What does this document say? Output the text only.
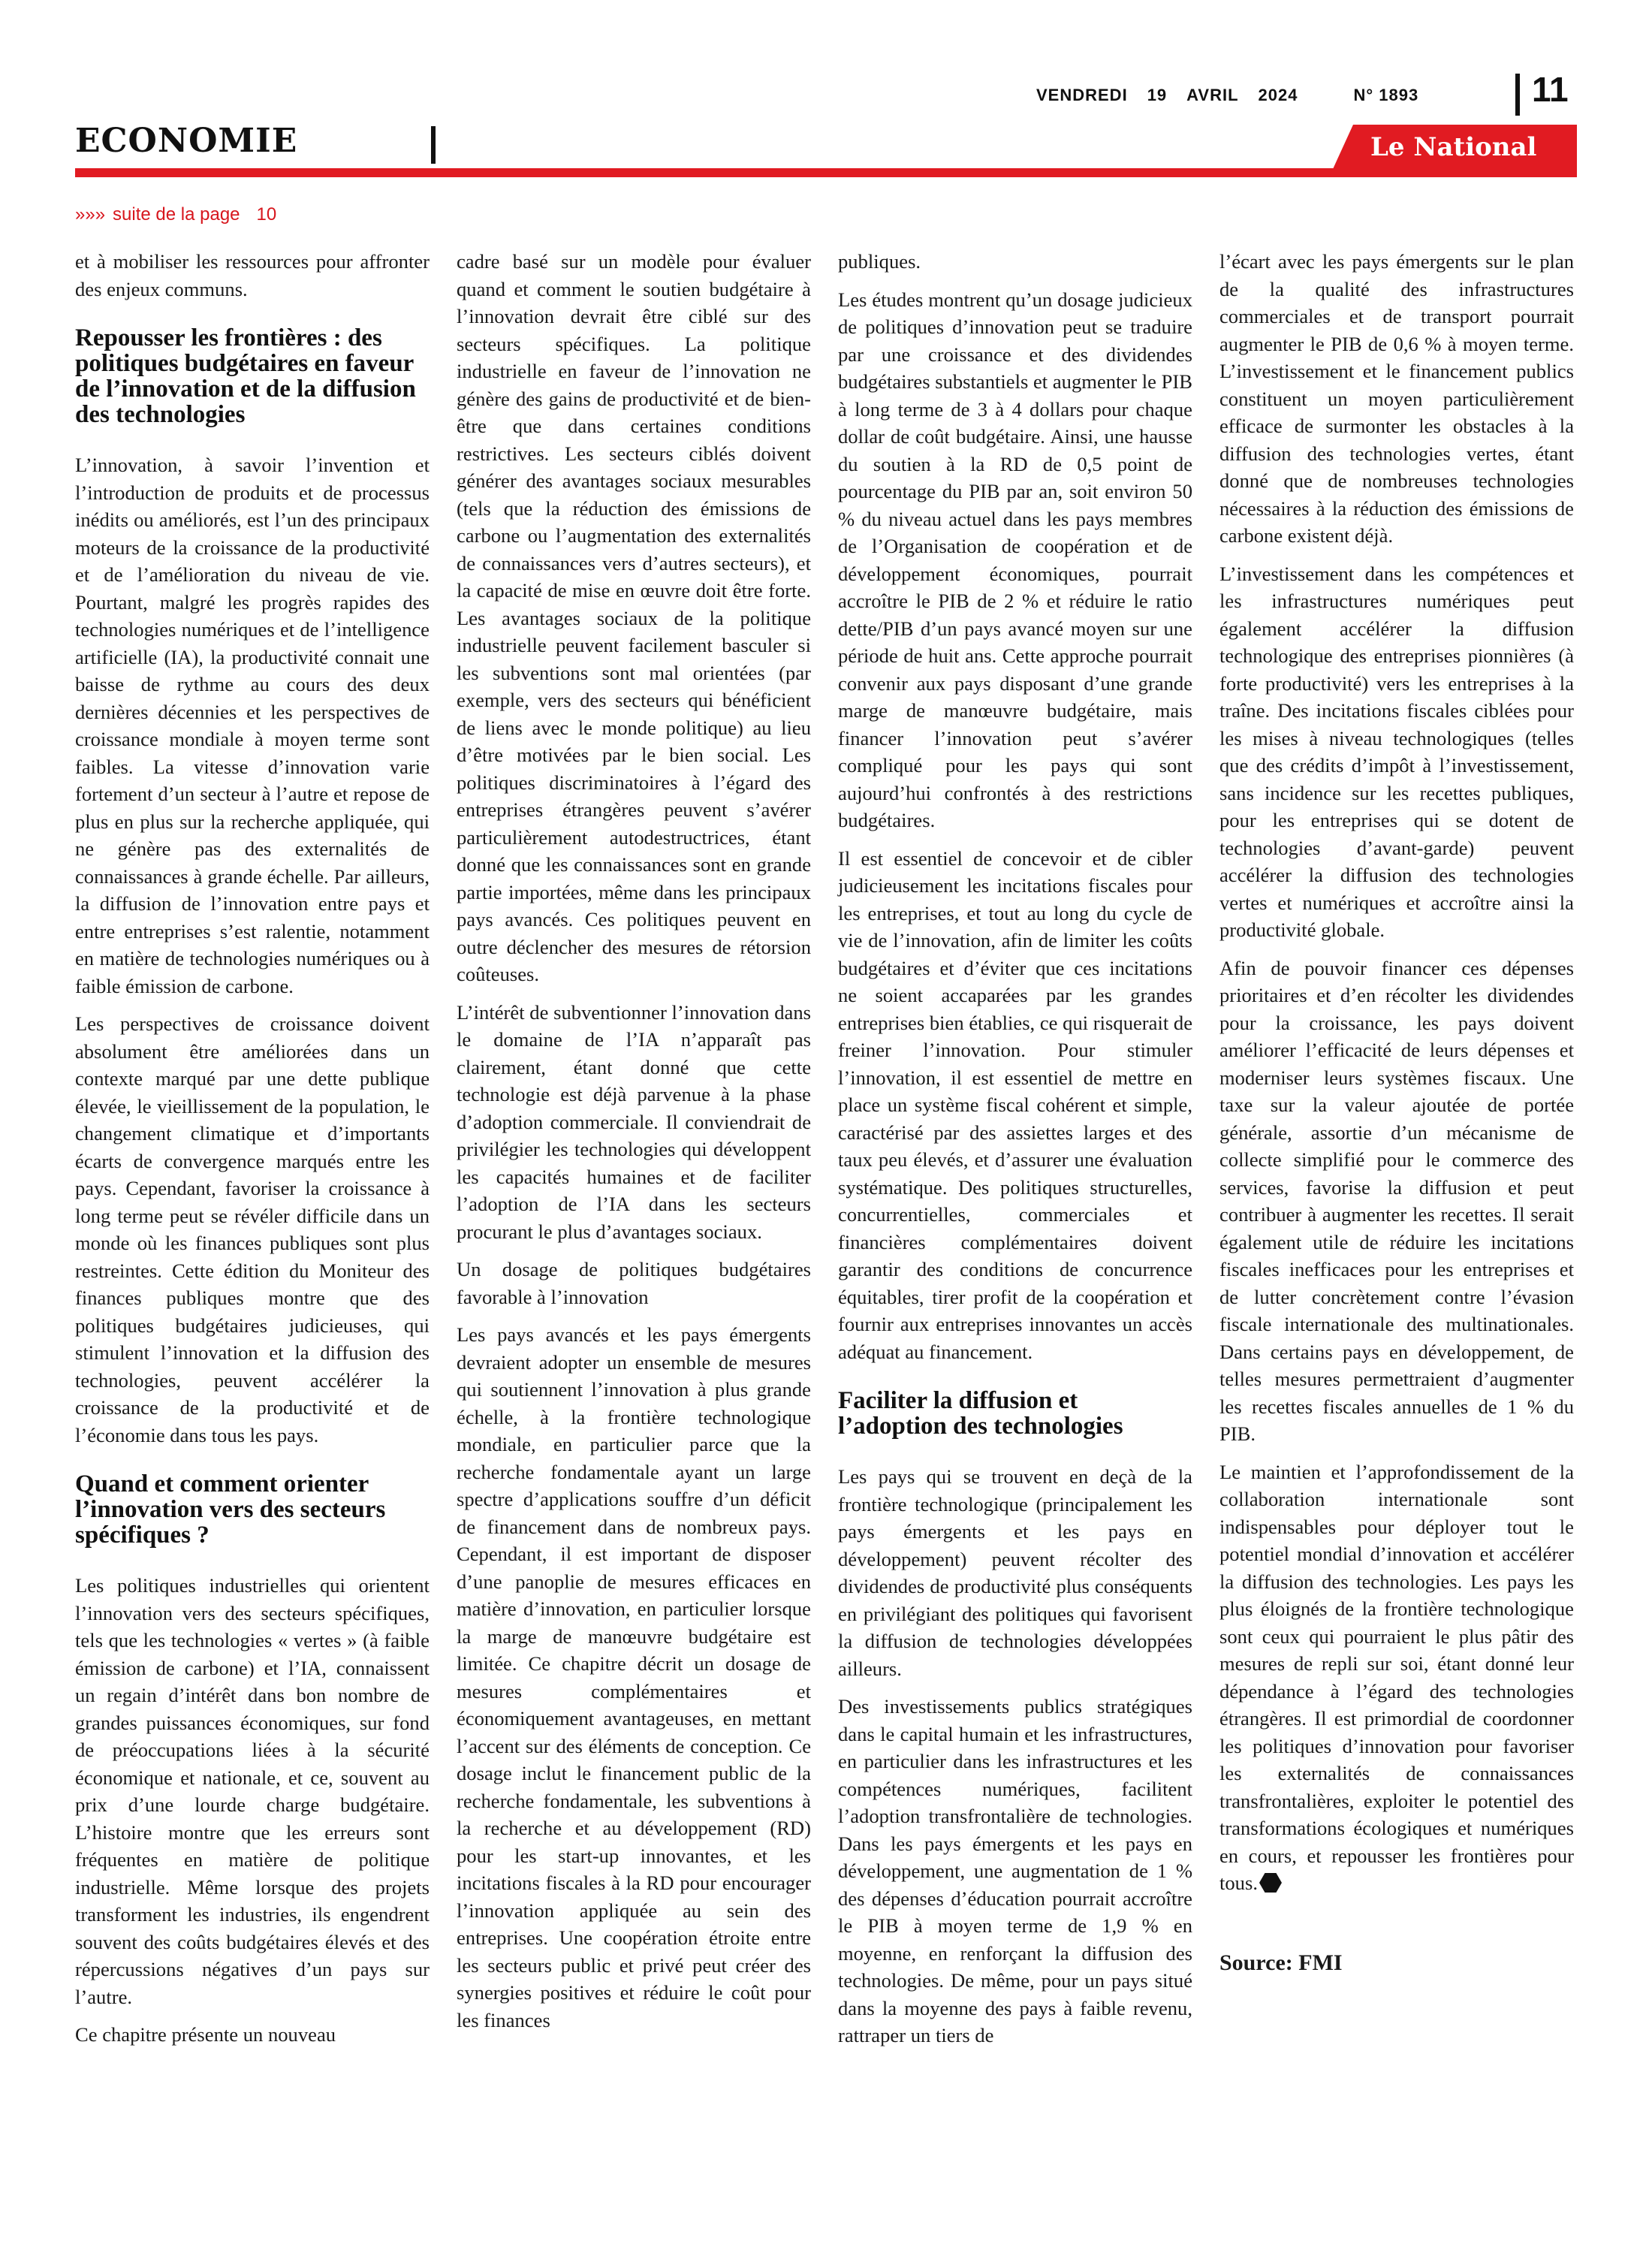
VENDREDI 19 AVRIL 2024	N° 1893	11
ECONOMIE	Le National
»»» suite de la page 10

et à mobiliser les ressources pour affronter des enjeux communs.

Repousser les frontières : des politiques budgétaires en faveur de l’innovation et de la diffusion des technologies

L’innovation, à savoir l’invention et l’introduction de produits et de processus inédits ou améliorés, est l’un des principaux moteurs de la croissance de la productivité et de l’amélioration du niveau de vie. Pourtant, malgré les progrès rapides des technologies numériques et de l’intelligence artificielle (IA), la productivité connait une baisse de rythme au cours des deux dernières décennies et les perspectives de croissance mondiale à moyen terme sont faibles. La vitesse d’innovation varie fortement d’un secteur à l’autre et repose de plus en plus sur la recherche appliquée, qui ne génère pas des externalités de connaissances à grande échelle. Par ailleurs, la diffusion de l’innovation entre pays et entre entreprises s’est ralentie, notamment en matière de technologies numériques ou à faible émission de carbone.

Les perspectives de croissance doivent absolument être améliorées dans un contexte marqué par une dette publique élevée, le vieillissement de la population, le changement climatique et d’importants écarts de convergence marqués entre les pays. Cependant, favoriser la croissance à long terme peut se révéler difficile dans un monde où les finances publiques sont plus restreintes. Cette édition du Moniteur des finances publiques montre que des politiques budgétaires judicieuses, qui stimulent l’innovation et la diffusion des technologies, peuvent accélérer la croissance de la productivité et de l’économie dans tous les pays.

Quand et comment orienter l’innovation vers des secteurs spécifiques ?

Les politiques industrielles qui orientent l’innovation vers des secteurs spécifiques, tels que les technologies « vertes » (à faible émission de carbone) et l’IA, connaissent un regain d’intérêt dans bon nombre de grandes puissances économiques, sur fond de préoccupations liées à la sécurité économique et nationale, et ce, souvent au prix d’une lourde charge budgétaire. L’histoire montre que les erreurs sont fréquentes en matière de politique industrielle. Même lorsque des projets transforment les industries, ils engendrent souvent des coûts budgétaires élevés et des répercussions négatives d’un pays sur l’autre.

Ce chapitre présente un nouveau

cadre basé sur un modèle pour évaluer quand et comment le soutien budgétaire à l’innovation devrait être ciblé sur des secteurs spécifiques. La politique industrielle en faveur de l’innovation ne génère des gains de productivité et de bien-être que dans certaines conditions restrictives. Les secteurs ciblés doivent générer des avantages sociaux mesurables (tels que la réduction des émissions de carbone ou l’augmentation des externalités de connaissances vers d’autres secteurs), et la capacité de mise en œuvre doit être forte. Les avantages sociaux de la politique industrielle peuvent facilement basculer si les subventions sont mal orientées (par exemple, vers des secteurs qui bénéficient de liens avec le monde politique) au lieu d’être motivées par le bien social. Les politiques discriminatoires à l’égard des entreprises étrangères peuvent s’avérer particulièrement autodestructrices, étant donné que les connaissances sont en grande partie importées, même dans les principaux pays avancés. Ces politiques peuvent en outre déclencher des mesures de rétorsion coûteuses.

L’intérêt de subventionner l’innovation dans le domaine de l’IA n’apparaît pas clairement, étant donné que cette technologie est déjà parvenue à la phase d’adoption commerciale. Il conviendrait de privilégier les technologies qui développent les capacités humaines et de faciliter l’adoption de l’IA dans les secteurs procurant le plus d’avantages sociaux.

Un dosage de politiques budgétaires favorable à l’innovation

Les pays avancés et les pays émergents devraient adopter un ensemble de mesures qui soutiennent l’innovation à plus grande échelle, à la frontière technologique mondiale, en particulier parce que la recherche fondamentale ayant un large spectre d’applications souffre d’un déficit de financement dans de nombreux pays. Cependant, il est important de disposer d’une panoplie de mesures efficaces en matière d’innovation, en particulier lorsque la marge de manœuvre budgétaire est limitée. Ce chapitre décrit un dosage de mesures complémentaires et économiquement avantageuses, en mettant l’accent sur des éléments de conception. Ce dosage inclut le financement public de la recherche fondamentale, les subventions à la recherche et au développement (RD) pour les start-up innovantes, et les incitations fiscales à la RD pour encourager l’innovation appliquée au sein des entreprises. Une coopération étroite entre les secteurs public et privé peut créer des synergies positives et réduire le coût pour les finances

publiques.

Les études montrent qu’un dosage judicieux de politiques d’innovation peut se traduire par une croissance et des dividendes budgétaires substantiels et augmenter le PIB à long terme de 3 à 4 dollars pour chaque dollar de coût budgétaire. Ainsi, une hausse du soutien à la RD de 0,5 point de pourcentage du PIB par an, soit environ 50 % du niveau actuel dans les pays membres de l’Organisation de coopération et de développement économiques, pourrait accroître le PIB de 2 % et réduire le ratio dette/PIB d’un pays avancé moyen sur une période de huit ans. Cette approche pourrait convenir aux pays disposant d’une grande marge de manœuvre budgétaire, mais financer l’innovation peut s’avérer compliqué pour les pays qui sont aujourd’hui confrontés à des restrictions budgétaires.

Il est essentiel de concevoir et de cibler judicieusement les incitations fiscales pour les entreprises, et tout au long du cycle de vie de l’innovation, afin de limiter les coûts budgétaires et d’éviter que ces incitations ne soient accaparées par les grandes entreprises bien établies, ce qui risquerait de freiner l’innovation. Pour stimuler l’innovation, il est essentiel de mettre en place un système fiscal cohérent et simple, caractérisé par des assiettes larges et des taux peu élevés, et d’assurer une évaluation systématique. Des politiques structurelles, concurrentielles, commerciales et financières complémentaires doivent garantir des conditions de concurrence équitables, tirer profit de la coopération et fournir aux entreprises innovantes un accès adéquat au financement.

Faciliter la diffusion et l’adoption des technologies

Les pays qui se trouvent en deçà de la frontière technologique (principalement les pays émergents et les pays en développement) peuvent récolter des dividendes de productivité plus conséquents en privilégiant des politiques qui favorisent la diffusion de technologies développées ailleurs.

Des investissements publics stratégiques dans le capital humain et les infrastructures, en particulier dans les infrastructures et les compétences numériques, facilitent l’adoption transfrontalière de technologies. Dans les pays émergents et les pays en développement, une augmentation de 1 % des dépenses d’éducation pourrait accroître le PIB à moyen terme de 1,9 % en moyenne, en renforçant la diffusion des technologies. De même, pour un pays situé dans la moyenne des pays à faible revenu, rattraper un tiers de

l’écart avec les pays émergents sur le plan de la qualité des infrastructures commerciales et de transport pourrait augmenter le PIB de 0,6 % à moyen terme. L’investissement et le financement publics constituent un moyen particulièrement efficace de surmonter les obstacles à la diffusion des technologies vertes, étant donné que de nombreuses technologies nécessaires à la réduction des émissions de carbone existent déjà.

L’investissement dans les compétences et les infrastructures numériques peut également accélérer la diffusion technologique des entreprises pionnières (à forte productivité) vers les entreprises à la traîne. Des incitations fiscales ciblées pour les mises à niveau technologiques (telles que des crédits d’impôt à l’investissement, sans incidence sur les recettes publiques, pour les entreprises qui se dotent de technologies d’avant-garde) peuvent accélérer la diffusion des technologies vertes et numériques et accroître ainsi la productivité globale.

Afin de pouvoir financer ces dépenses prioritaires et d’en récolter les dividendes pour la croissance, les pays doivent améliorer l’efficacité de leurs dépenses et moderniser leurs systèmes fiscaux. Une taxe sur la valeur ajoutée de portée générale, assortie d’un mécanisme de collecte simplifié pour le commerce des services, favorise la diffusion et peut contribuer à augmenter les recettes. Il serait également utile de réduire les incitations fiscales inefficaces pour les entreprises et de lutter concrètement contre l’évasion fiscale internationale des multinationales. Dans certains pays en développement, de telles mesures permettraient d’augmenter les recettes fiscales annuelles de 1 % du PIB.

Le maintien et l’approfondissement de la collaboration internationale sont indispensables pour déployer tout le potentiel mondial d’innovation et accélérer la diffusion des technologies. Les pays les plus éloignés de la frontière technologique sont ceux qui pourraient le plus pâtir des mesures de repli sur soi, étant donné leur dépendance à l’égard des technologies étrangères. Il est primordial de coordonner les politiques d’innovation pour favoriser les externalités de connaissances transfrontalières, exploiter le potentiel des transformations écologiques et numériques en cours, et repousser les frontières pour tous.

Source: FMI
